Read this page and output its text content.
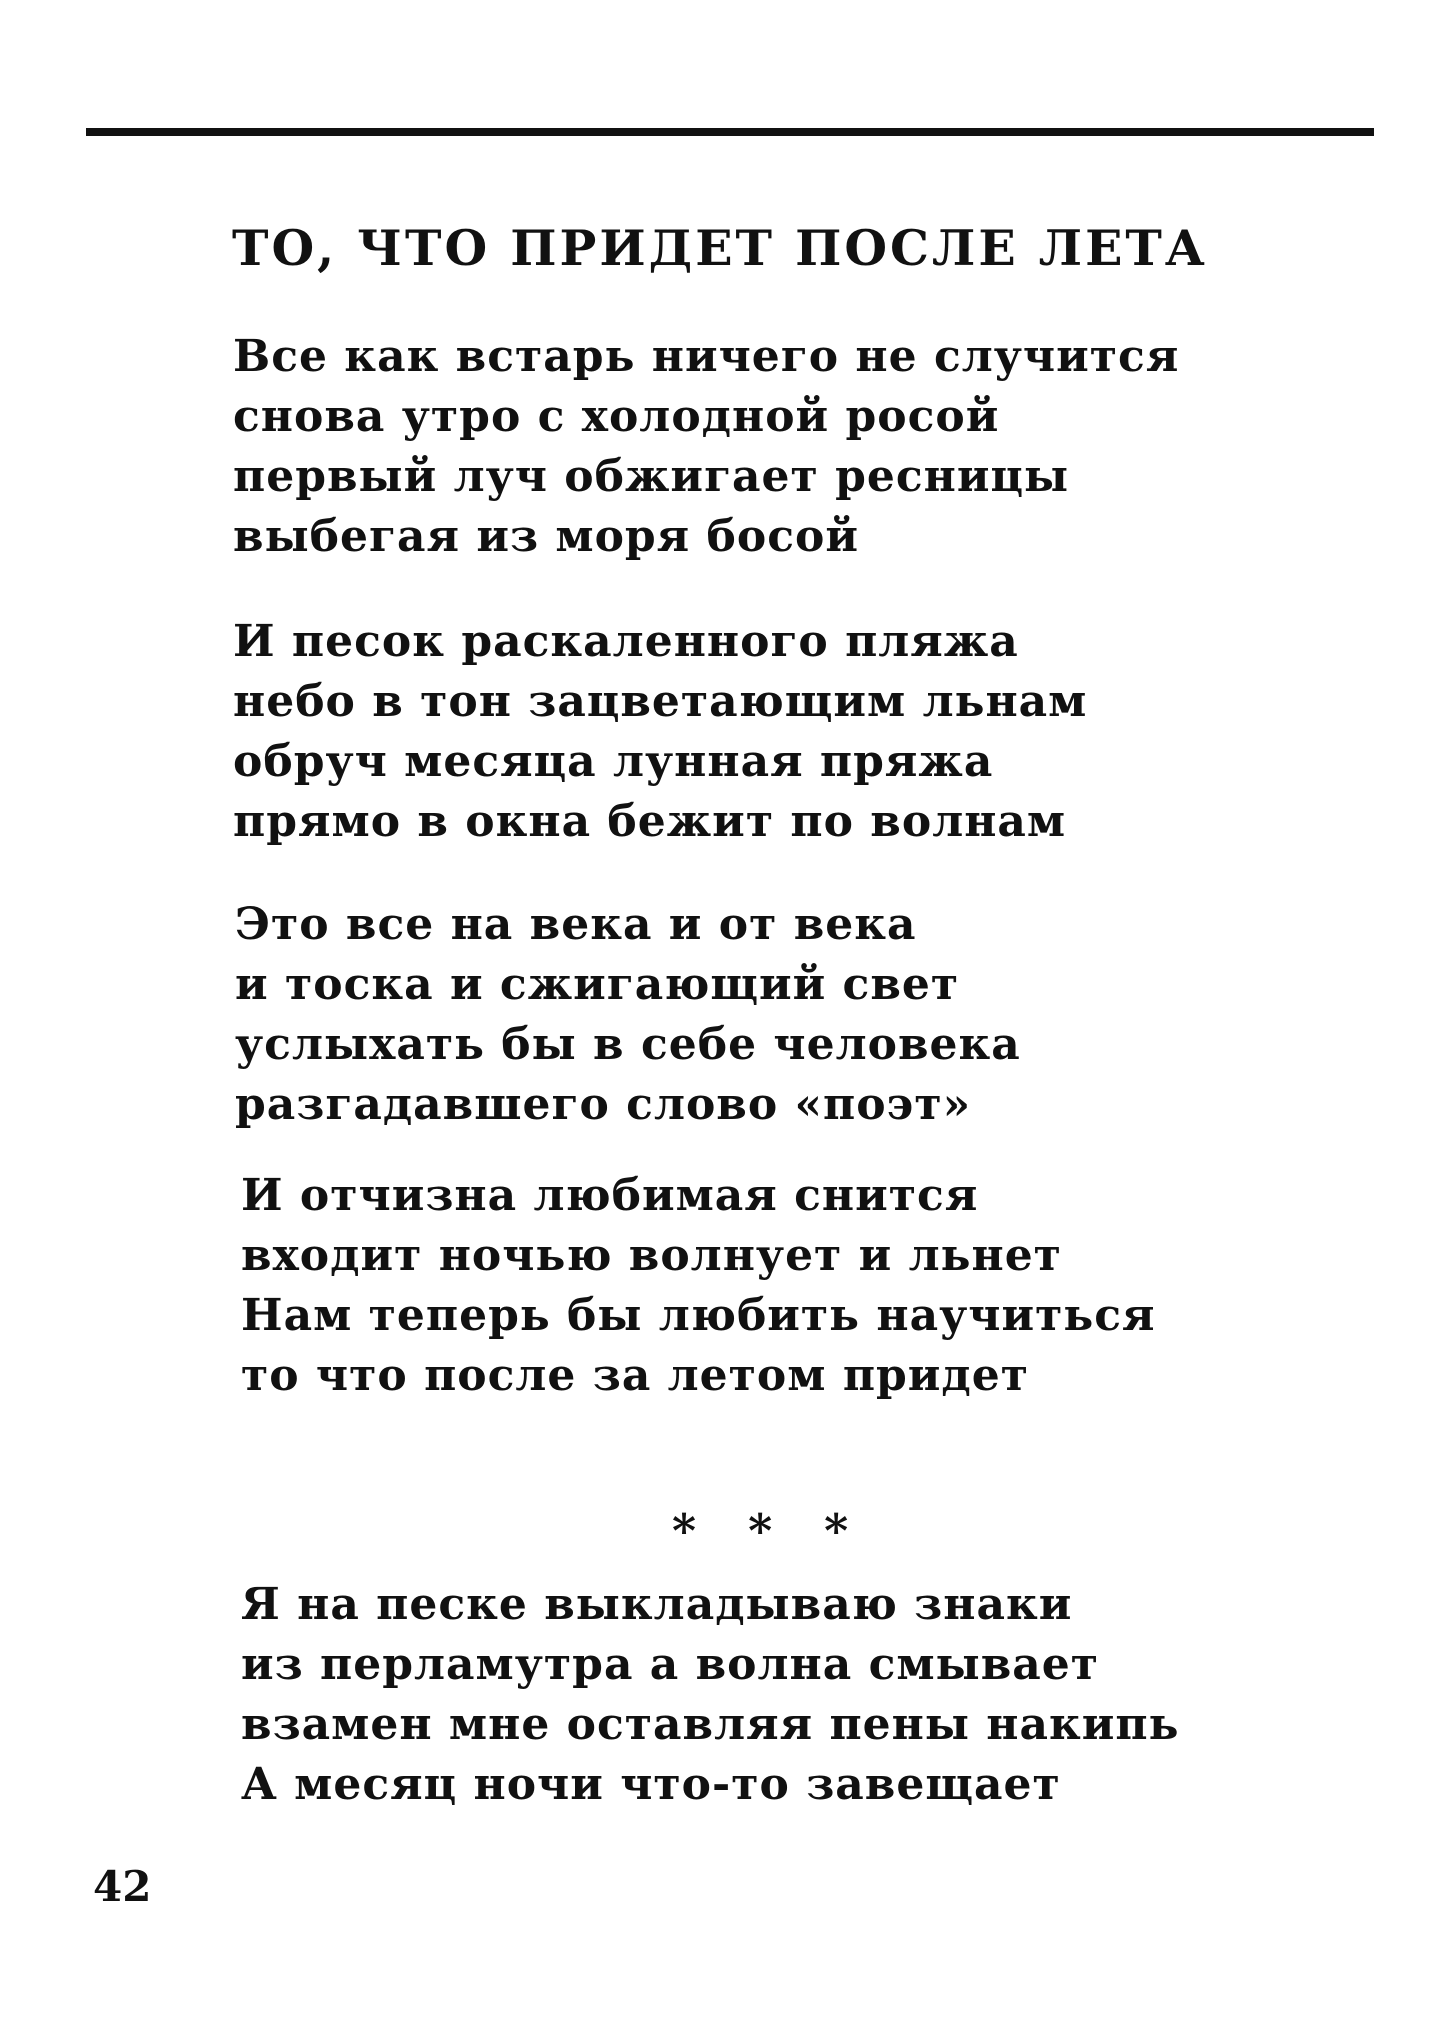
ТО, ЧТО ПРИДЕТ ПОСЛЕ ЛЕТА
Все как встарь ничего не случится
снова утро с холодной росой
первый луч обжигает ресницы
выбегая из моря босой
И песок раскаленного пляжа
небо в тон зацветающим льнам
обруч месяца лунная пряжа
прямо в окна бежит по волнам
Это все на века и от века
и тоска и сжигающий свет
услыхать бы в себе человека
разгадавшего слово «поэт»
И отчизна любимая снится
входит ночью волнует и льнет
Нам теперь бы любить научиться
то что после за летом придет
* * *
Я на песке выкладываю знаки
из перламутра а волна смывает
взамен мне оставляя пены накипь
А месяц ночи что-то завещает
42
